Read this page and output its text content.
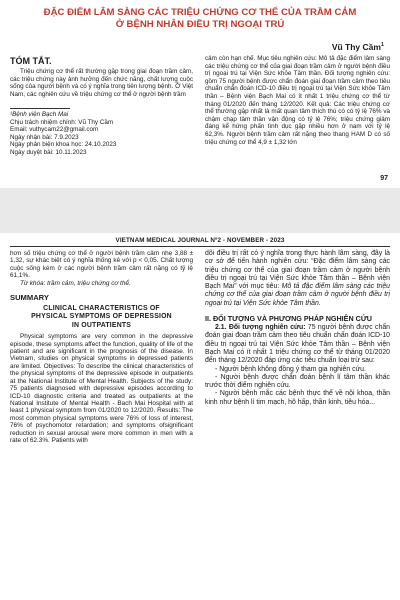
ĐẶC ĐIỂM LÂM SÀNG CÁC TRIỆU CHỨNG CƠ THỂ CỦA TRẦM CẢM
Ở BỆNH NHÂN ĐIỀU TRỊ NGOẠI TRÚ
Vũ Thy Cầm$^1$
TÓM TẮT.

Triệu chứng cơ thể rất thường gặp trong giai đoạn trầm cảm, các triệu chứng này ảnh hưởng đến chức năng, chất lượng cuộc sống của người bệnh và có ý nghĩa trong tiên lượng bệnh. Ở Việt Nam, các nghiên cứu về triệu chứng cơ thể ở người bệnh trầm

¹Bệnh viện Bạch Mai

Chịu trách nhiệm chính: Vũ Thy Cầm

Email: vuthycam22@gmail.com

Ngày nhận bài: 7.9.2023

Ngày phản biện khoa học: 24.10.2023

Ngày duyệt bài: 10.11.2023

cảm còn hạn chế. Mục tiêu nghiên cứu: Mô tả đặc điểm lâm sàng các triệu chứng cơ thể của giai đoạn trầm cảm ở người bệnh điều trị ngoại trú tại Viện Sức khỏe Tâm thần. Đối tượng nghiên cứu: gồm 75 người bệnh được chẩn đoán giai đoạn trầm cảm theo tiêu chuẩn chẩn đoán ICD-10 điều trị ngoại trú tại Viện Sức khỏe Tâm thần – Bệnh viện Bạch Mai có ít nhất 1 triệu chứng cơ thể từ tháng 01/2020 đến tháng 12/2020. Kết quả: Các triệu chứng cơ thể thường gặp nhất là mất quan tâm thích thú có có tỷ lệ 76% và chậm chạp tâm thần vận động có tỷ lệ 76%; triệu chứng giảm đáng kể hứng phấn tình dục gặp nhiều hơn ở nam với tỷ lệ 62,3%. Người bệnh trầm cảm rất nặng theo thang HAM D có số triệu chứng cơ thể 4,9 ± 1,32 lớn

97
VIETNAM MEDICAL JOURNAL Nº2 - NOVEMBER - 2023

hơn số triệu chứng cơ thể ở người bệnh trầm cảm nhẹ 3,88 ± 1,32, sự khác biệt có ý nghĩa thống kê với p < 0,05. Chất lượng cuộc sống kém ở các người bệnh trầm cảm rất nặng có tỷ lệ 61,1%.

Từ khóa: trầm cảm, triệu chứng cơ thể.

SUMMARY
CLINICAL CHARACTERISTICS OF
PHYSICAL SYMPTOMS OF DEPRESSION
IN OUTPATIENTS

Physical symptoms are very common in the depressive episode, these symptoms affect the function, quality of life of the patient and are significant in the prognosis of the disease. In Vietnam, studies on physical symptoms in depressed patients are limited. Objectives: To describe the clinical characteristics of the physical symptoms of the depressive episode in outpatients at the National Institute of Mental Health. Subjects of the study: 75 patients diagnosed with depressive episodes according to ICD-10 diagnostic criteria and treated as outpatients at the National Institute of Mental Health - Bach Mai Hospital with at least 1 physical symptom from 01/2020 to 12/2020. Results: The most common physical symptoms were 76% of loss of interest, 76% of psychomotor retardation; and symptoms ofsignificant reduction in sexual arousal were more common in men with a rate of 62.3%. Patients with

dõi điều trị rất có ý nghĩa trong thực hành lâm sàng, đây là cơ sở để tiến hành nghiên cứu: “Đặc điểm lâm sàng các triệu chứng cơ thể của giai đoạn trầm cảm ở người bệnh điều trị ngoại trú tại Viện Sức khỏe Tâm thần – Bệnh viện Bạch Mai” với mục tiêu: Mô tả đặc điểm lâm sàng các triệu chứng cơ thể của giai đoạn trầm cảm ở người bệnh điều trị ngoại trú tại Viện Sức khỏe Tâm thần.

II. ĐỐI TƯỢNG VÀ PHƯƠNG PHÁP NGHIÊN CỨU

2.1. Đối tượng nghiên cứu: 75 người bệnh được chẩn đoán giai đoạn trầm cảm theo tiêu chuẩn chẩn đoán ICD-10 điều trị ngoại trú tại Viện Sức khỏe Tâm thần – Bệnh viện Bạch Mai có ít nhất 1 triệu chứng cơ thể từ tháng 01/2020 đến tháng 12/2020 đáp ứng các tiêu chuẩn loại trừ sau:

- Người bệnh không đồng ý tham gia nghiên cứu.

- Người bệnh được chẩn đoán bệnh lí tâm thần khác trước thời điểm nghiên cứu.

- Người bệnh mắc các bệnh thực thể về nội khoa, thần kinh như bệnh lí tim mạch, hô hấp, thần kinh, tiêu hóa...
